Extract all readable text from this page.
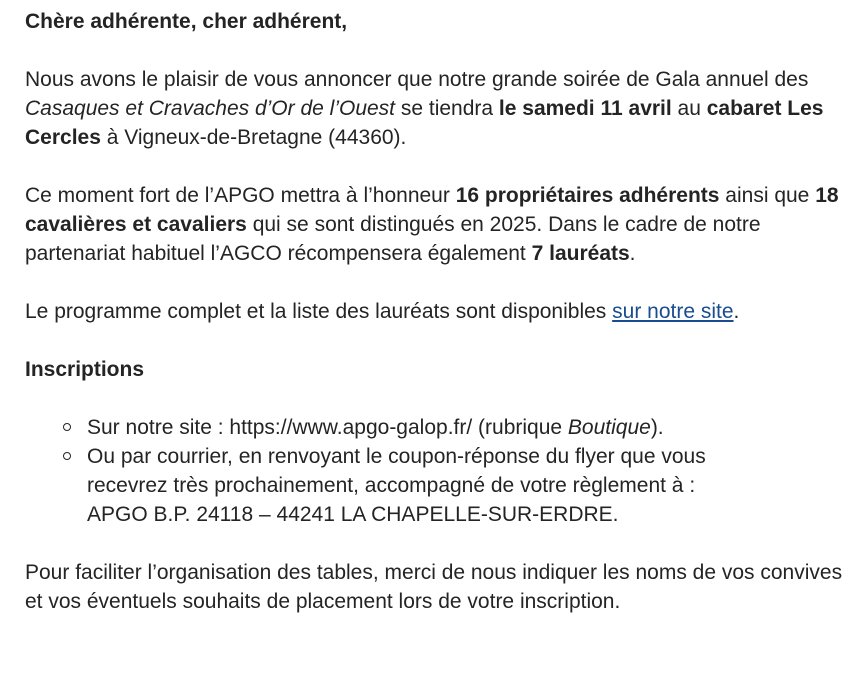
Chère adhérente, cher adhérent,

Nous avons le plaisir de vous annoncer que notre grande soirée de Gala annuel des Casaques et Cravaches d’Or de l’Ouest se tiendra le samedi 11 avril au cabaret Les Cercles à Vigneux-de-Bretagne (44360).

Ce moment fort de l’APGO mettra à l’honneur 16 propriétaires adhérents ainsi que 18 cavalières et cavaliers qui se sont distingués en 2025. Dans le cadre de notre partenariat habituel l’AGCO récompensera également 7 lauréats.

Le programme complet et la liste des lauréats sont disponibles sur notre site.

Inscriptions

Sur notre site : https://www.apgo-galop.fr/ (rubrique Boutique).
Ou par courrier, en renvoyant le coupon-réponse du flyer que vous
recevrez très prochainement, accompagné de votre règlement à :
APGO B.P. 24118 – 44241 LA CHAPELLE-SUR-ERDRE.

Pour faciliter l’organisation des tables, merci de nous indiquer les noms de vos convives et vos éventuels souhaits de placement lors de votre inscription.
